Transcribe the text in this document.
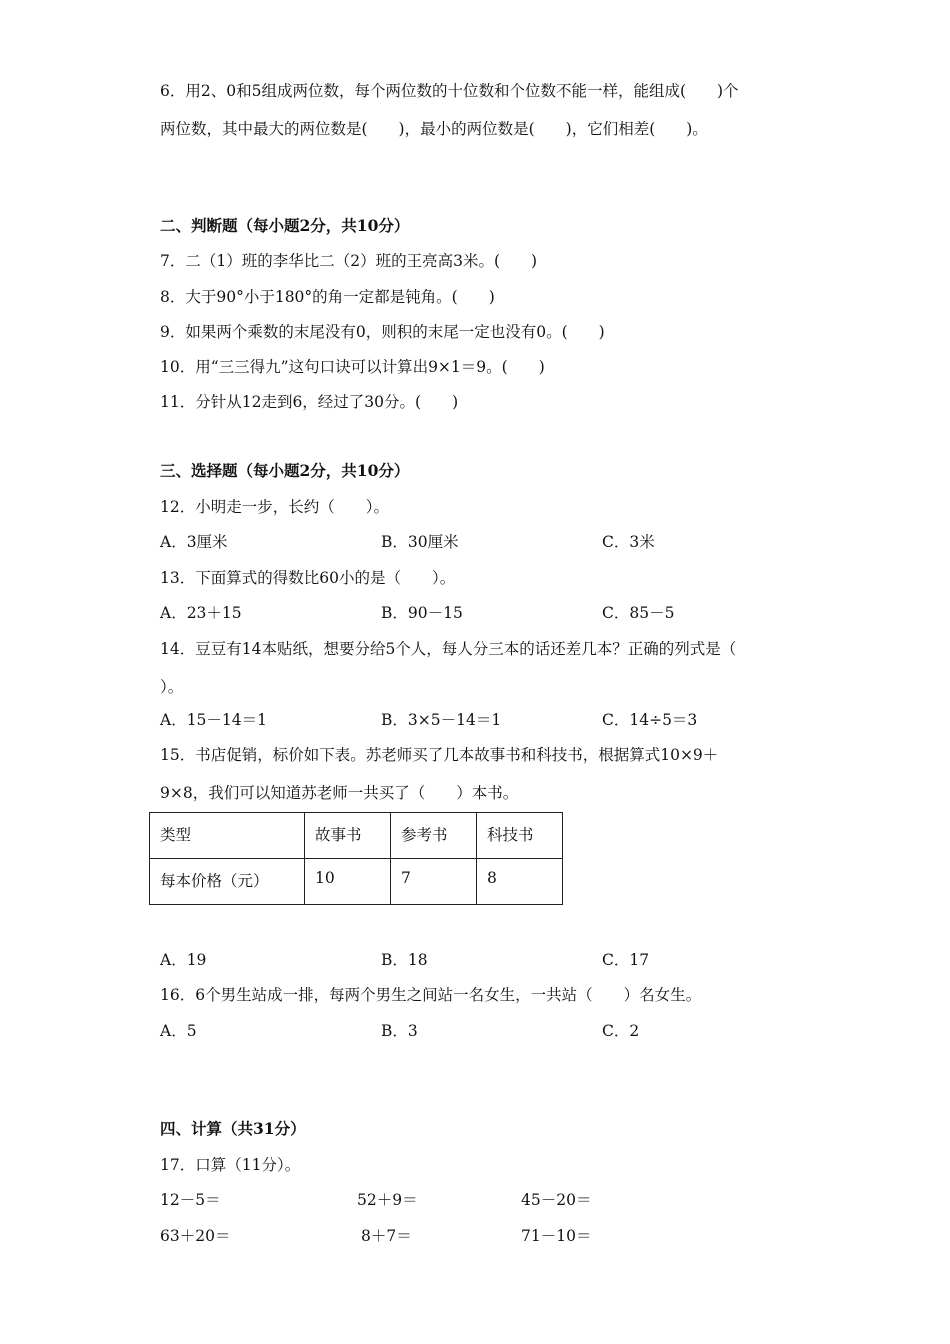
6．用2、0和5组成两位数，每个两位数的十位数和个位数不能一样，能组成(　　)个
两位数，其中最大的两位数是(　　)，最小的两位数是(　　)，它们相差(　　)。
二、判断题（每小题2分，共10分）
7．二（1）班的李华比二（2）班的王亮高3米。(　　)
8．大于90°小于180°的角一定都是钝角。(　　)
9．如果两个乘数的末尾没有0，则积的末尾一定也没有0。(　　)
10．用“三三得九”这句口诀可以计算出9×1＝9。(　　)
11．分针从12走到6，经过了30分。(　　)
三、选择题（每小题2分，共10分）
12．小明走一步，长约（　　）。
A．3厘米	B．30厘米	C．3米
13．下面算式的得数比60小的是（　　）。
A．23＋15	B．90－15	C．85－5
14．豆豆有14本贴纸，想要分给5个人，每人分三本的话还差几本？正确的列式是（
）。
A．15－14＝1	B．3×5－14＝1	C．14÷5＝3
15．书店促销，标价如下表。苏老师买了几本故事书和科技书，根据算式10×9＋
9×8，我们可以知道苏老师一共买了（　　）本书。
类型	故事书	参考书	科技书
每本价格（元）	10	7	8
A．19	B．18	C．17
16．6个男生站成一排，每两个男生之间站一名女生，一共站（　　）名女生。
A．5	B．3	C．2
四、计算（共31分）
17．口算（11分）。
12－5＝	52＋9＝	45－20＝
63＋20＝	8＋7＝	71－10＝
